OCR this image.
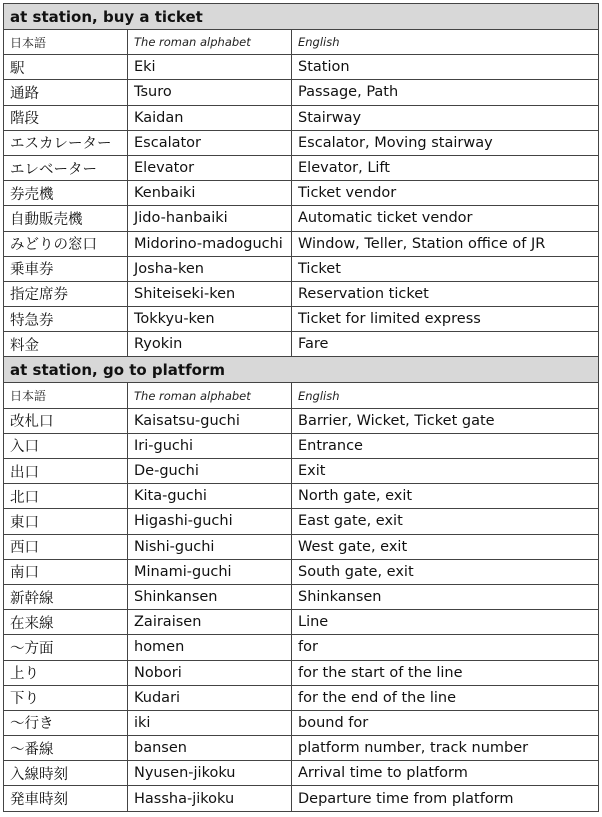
at station, buy a ticket
日本語	The roman alphabet	English
駅	Eki	Station
通路	Tsuro	Passage, Path
階段	Kaidan	Stairway
エスカレーター	Escalator	Escalator, Moving stairway
エレベーター	Elevator	Elevator, Lift
券売機	Kenbaiki	Ticket vendor
自動販売機	Jido-hanbaiki	Automatic ticket vendor
みどりの窓口	Midorino-madoguchi	Window, Teller, Station office of JR
乗車券	Josha-ken	Ticket
指定席券	Shiteiseki-ken	Reservation ticket
特急券	Tokkyu-ken	Ticket for limited express
料金	Ryokin	Fare
at station, go to platform
日本語	The roman alphabet	English
改札口	Kaisatsu-guchi	Barrier, Wicket, Ticket gate
入口	Iri-guchi	Entrance
出口	De-guchi	Exit
北口	Kita-guchi	North gate, exit
東口	Higashi-guchi	East gate, exit
西口	Nishi-guchi	West gate, exit
南口	Minami-guchi	South gate, exit
新幹線	Shinkansen	Shinkansen
在来線	Zairaisen	Line
〜方面	homen	for
上り	Nobori	for the start of the line
下り	Kudari	for the end of the line
〜行き	iki	bound for
〜番線	bansen	platform number, track number
入線時刻	Nyusen-jikoku	Arrival time to platform
発車時刻	Hassha-jikoku	Departure time from platform
